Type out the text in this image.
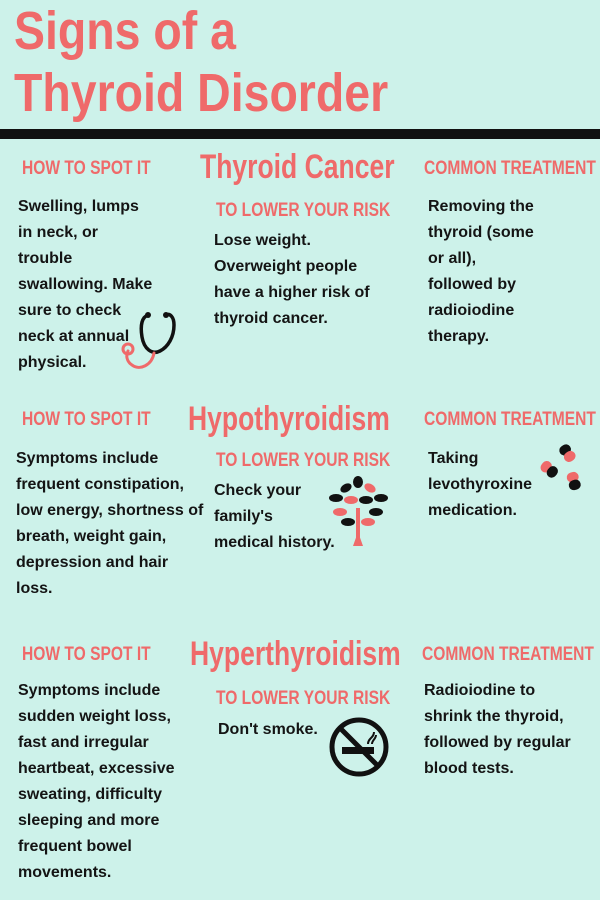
Signs of a
Thyroid Disorder
HOW TO SPOT IT Thyroid Cancer COMMON TREATMENT
Swelling, lumps
in neck, or
trouble
swallowing. Make
sure to check
neck at annual
physical.
TO LOWER YOUR RISK
Lose weight.
Overweight people
have a higher risk of
thyroid cancer.
Removing the
thyroid (some
or all),
followed by
radioiodine
therapy.
HOW TO SPOT IT Hypothyroidism COMMON TREATMENT
Symptoms include
frequent constipation,
low energy, shortness of
breath, weight gain,
depression and hair
loss.
TO LOWER YOUR RISK
Check your
family's
medical history.
Taking
levothyroxine
medication.
HOW TO SPOT IT Hyperthyroidism COMMON TREATMENT
Symptoms include
sudden weight loss,
fast and irregular
heartbeat, excessive
sweating, difficulty
sleeping and more
frequent bowel
movements.
TO LOWER YOUR RISK
Don't smoke.
Radioiodine to
shrink the thyroid,
followed by regular
blood tests.
